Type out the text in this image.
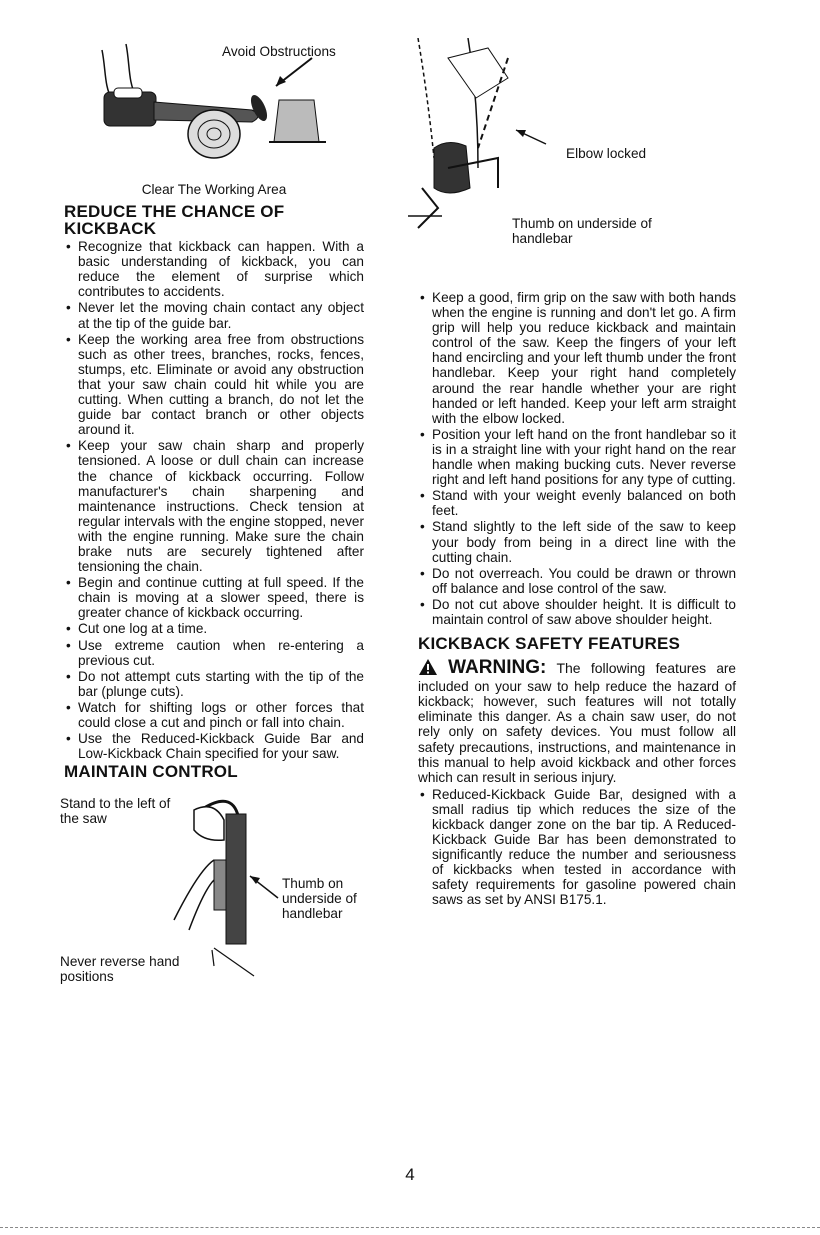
Avoid Obstructions
Clear The Working Area
REDUCE THE CHANCE OF KICKBACK
• Recognize that kickback can happen. With a basic understanding of kickback, you can reduce the element of surprise which contributes to accidents.
• Never let the moving chain contact any object at the tip of the guide bar.
• Keep the working area free from obstructions such as other trees, branches, rocks, fences, stumps, etc. Eliminate or avoid any obstruction that your saw chain could hit while you are cutting. When cutting a branch, do not let the guide bar contact branch or other objects around it.
• Keep your saw chain sharp and properly tensioned. A loose or dull chain can increase the chance of kickback occurring. Follow manufacturer's chain sharpening and maintenance instructions. Check tension at regular intervals with the engine stopped, never with the engine running. Make sure the chain brake nuts are securely tightened after tensioning the chain.
• Begin and continue cutting at full speed. If the chain is moving at a slower speed, there is greater chance of kickback occurring.
• Cut one log at a time.
• Use extreme caution when re-entering a previous cut.
• Do not attempt cuts starting with the tip of the bar (plunge cuts).
• Watch for shifting logs or other forces that could close a cut and pinch or fall into chain.
• Use the Reduced-Kickback Guide Bar and Low-Kickback Chain specified for your saw.
MAINTAIN CONTROL
Stand to the left of the saw
Thumb on underside of handlebar
Never reverse hand positions
Elbow locked
Thumb on underside of handlebar
• Keep a good, firm grip on the saw with both hands when the engine is running and don't let go. A firm grip will help you reduce kickback and maintain control of the saw. Keep the fingers of your left hand encircling and your left thumb under the front handlebar. Keep your right hand completely around the rear handle whether your are right handed or left handed. Keep your left arm straight with the elbow locked.
• Position your left hand on the front handlebar so it is in a straight line with your right hand on the rear handle when making bucking cuts. Never reverse right and left hand positions for any type of cutting.
• Stand with your weight evenly balanced on both feet.
• Stand slightly to the left side of the saw to keep your body from being in a direct line with the cutting chain.
• Do not overreach. You could be drawn or thrown off balance and lose control of the saw.
• Do not cut above shoulder height. It is difficult to maintain control of saw above shoulder height.
KICKBACK SAFETY FEATURES
WARNING: The following features are included on your saw to help reduce the hazard of kickback; however, such features will not totally eliminate this danger. As a chain saw user, do not rely only on safety devices. You must follow all safety precautions, instructions, and maintenance in this manual to help avoid kickback and other forces which can result in serious injury.
• Reduced-Kickback Guide Bar, designed with a small radius tip which reduces the size of the kickback danger zone on the bar tip. A Reduced-Kickback Guide Bar has been demonstrated to significantly reduce the number and seriousness of kickbacks when tested in accordance with safety requirements for gasoline powered chain saws as set by ANSI B175.1.
4
